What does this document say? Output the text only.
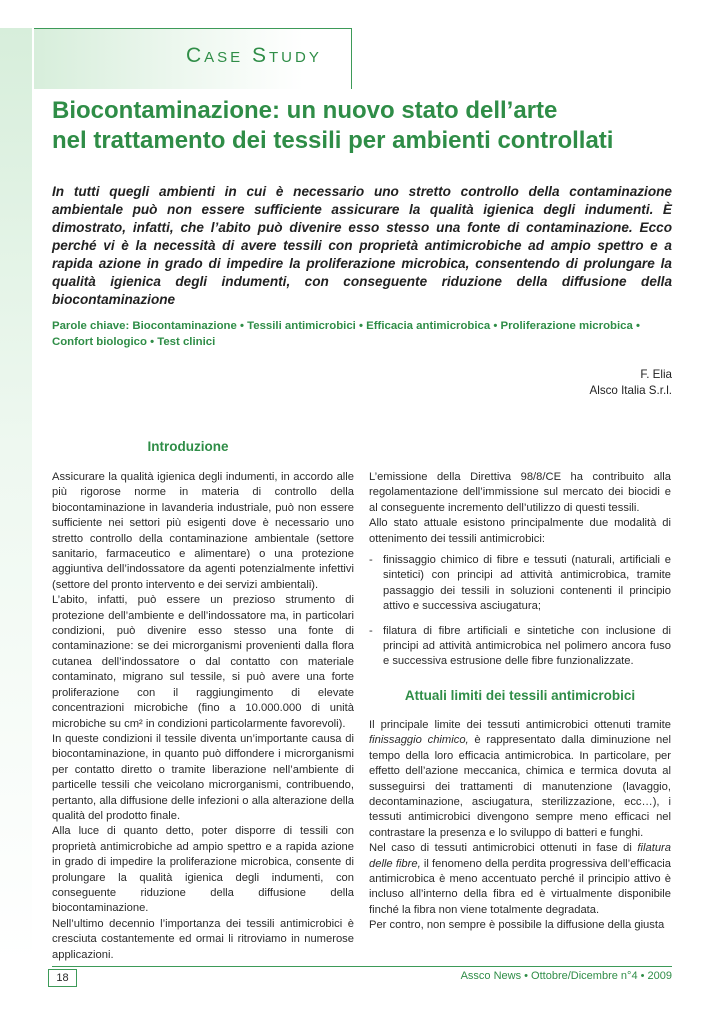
Case Study
Biocontaminazione: un nuovo stato dell’arte
nel trattamento dei tessili per ambienti controllati

In tutti quegli ambienti in cui è necessario uno stretto controllo della contaminazione ambientale può non essere sufficiente assicurare la qualità igienica degli indumenti. È dimostrato, infatti, che l’abito può divenire esso stesso una fonte di contaminazione. Ecco perché vi è la necessità di avere tessili con proprietà antimicrobiche ad ampio spettro e a rapida azione in grado di impedire la proliferazione microbica, consentendo di prolungare la qualità igienica degli indumenti, con conseguente riduzione della diffusione della biocontaminazione

Parole chiave: Biocontaminazione • Tessili antimicrobici • Efficacia antimicrobica • Proliferazione microbica • Confort biologico • Test clinici

F. Elia
Alsco Italia S.r.l.
Introduzione

Assicurare la qualità igienica degli indumenti, in accordo alle più rigorose norme in materia di controllo della biocontaminazione in lavanderia industriale, può non essere sufficiente nei settori più esigenti dove è necessario uno stretto controllo della contaminazione ambientale (settore sanitario, farmaceutico e alimentare) o una protezione aggiuntiva dell’indossatore da agenti potenzialmente infettivi (settore del pronto intervento e dei servizi ambientali).

L’abito, infatti, può essere un prezioso strumento di protezione dell’ambiente e dell’indossatore ma, in particolari condizioni, può divenire esso stesso una fonte di contaminazione: se dei microrganismi provenienti dalla flora cutanea dell’indossatore o dal contatto con materiale contaminato, migrano sul tessile, si può avere una forte proliferazione con il raggiungimento di elevate concentrazioni microbiche (fino a 10.000.000 di unità microbiche su cm² in condizioni particolarmente favorevoli).

In queste condizioni il tessile diventa un’importante causa di biocontaminazione, in quanto può diffondere i microrganismi per contatto diretto o tramite liberazione nell’ambiente di particelle tessili che veicolano microrganismi, contribuendo, pertanto, alla diffusione delle infezioni o alla alterazione della qualità del prodotto finale.

Alla luce di quanto detto, poter disporre di tessili con proprietà antimicrobiche ad ampio spettro e a rapida azione in grado di impedire la proliferazione microbica, consente di prolungare la qualità igienica degli indumenti, con conseguente riduzione della diffusione della biocontaminazione.

Nell’ultimo decennio l’importanza dei tessili antimicrobici è cresciuta costantemente ed ormai li ritroviamo in numerose applicazioni.

L’emissione della Direttiva 98/8/CE ha contribuito alla regolamentazione dell’immissione sul mercato dei biocidi e al conseguente incremento dell’utilizzo di questi tessili.

Allo stato attuale esistono principalmente due modalità di ottenimento dei tessili antimicrobici:

- finissaggio chimico di fibre e tessuti (naturali, artificiali e sintetici) con principi ad attività antimicrobica, tramite passaggio dei tessili in soluzioni contenenti il principio attivo e successiva asciugatura;
- filatura di fibre artificiali e sintetiche con inclusione di principi ad attività antimicrobica nel polimero ancora fuso e successiva estrusione delle fibre funzionalizzate.
Attuali limiti dei tessili antimicrobici

Il principale limite dei tessuti antimicrobici ottenuti tramite finissaggio chimico, è rappresentato dalla diminuzione nel tempo della loro efficacia antimicrobica. In particolare, per effetto dell’azione meccanica, chimica e termica dovuta al susseguirsi dei trattamenti di manutenzione (lavaggio, decontaminazione, asciugatura, sterilizzazione, ecc…), i tessuti antimicrobici divengono sempre meno efficaci nel contrastare la presenza e lo sviluppo di batteri e funghi.

Nel caso di tessuti antimicrobici ottenuti in fase di filatura delle fibre, il fenomeno della perdita progressiva dell’efficacia antimicrobica è meno accentuato perché il principio attivo è incluso all’interno della fibra ed è virtualmente disponibile finché la fibra non viene totalmente degradata.

Per contro, non sempre è possibile la diffusione della giusta

18	Assco News • Ottobre/Dicembre n°4 • 2009
